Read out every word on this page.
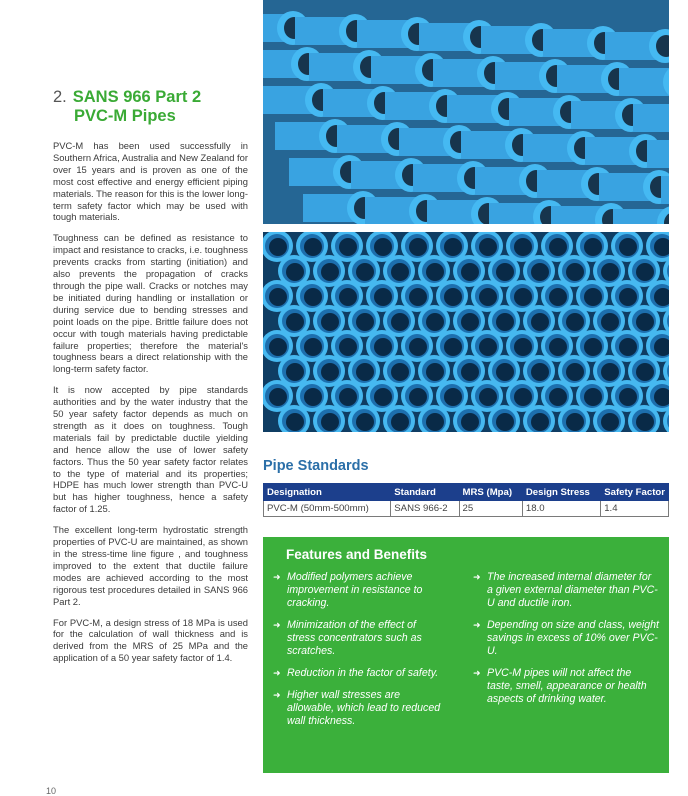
2. SANS 966 Part 2
PVC-M Pipes

PVC-M has been used successfully in Southern Africa, Australia and New Zealand for over 15 years and is proven as one of the most cost effective and energy efficient piping materials. The reason for this is the lower long-term safety factor which may be used with tough materials.

Toughness can be defined as resistance to impact and resistance to cracks, i.e. toughness prevents cracks from starting (initiation) and also prevents the propagation of cracks through the pipe wall. Cracks or notches may be initiated during handling or installation or during service due to bending stresses and point loads on the pipe. Brittle failure does not occur with tough materials having predictable failure properties; therefore the material's toughness bears a direct relationship with the long-term safety factor.

It is now accepted by pipe standards authorities and by the water industry that the 50 year safety factor depends as much on strength as it does on toughness. Tough materials fail by predictable ductile yielding and hence allow the use of lower safety factors. Thus the 50 year safety factor relates to the type of material and its properties; HDPE has much lower strength than PVC-U but has higher toughness, hence a safety factor of 1.25.

The excellent long-term hydrostatic strength properties of PVC-U are maintained, as shown in the stress-time line figure , and toughness improved to the extent that ductile failure modes are achieved according to the most rigorous test procedures detailed in SANS 966 Part 2.

For PVC-M, a design stress of 18 MPa is used for the calculation of wall thickness and is derived from the MRS of 25 MPa and the application of a 50 year safety factor of 1.4.

Pipe Standards
Designation	Standard	MRS (Mpa)	Design Stress	Safety Factor
PVC-M (50mm-500mm)	SANS 966-2	25	18.0	1.4
Features and Benefits
➜ Modified polymers achieve improvement in resistance to cracking.
➜ Minimization of the effect of stress concentrators such as scratches.
➜ Reduction in the factor of safety.
➜ Higher wall stresses are allowable, which lead to reduced wall thickness.
➜ The increased internal diameter for a given external diameter than PVC-U and ductile iron.
➜ Depending on size and class, weight savings in excess of 10% over PVC-U.
➜ PVC-M pipes will not affect the taste, smell, appearance or health aspects of drinking water.
10
